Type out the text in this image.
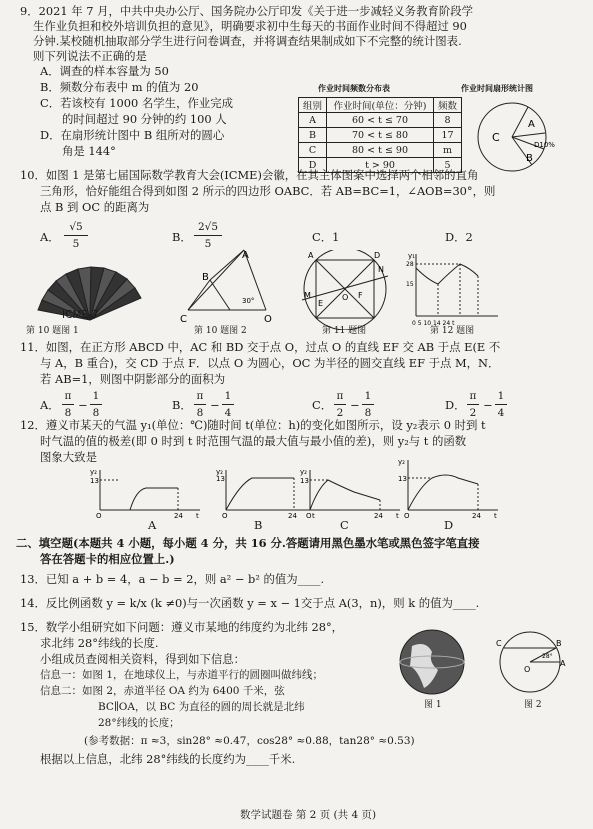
9．2021 年 7 月，中共中央办公厅、国务院办公厅印发《关于进一步减轻义务教育阶段学
生作业负担和校外培训负担的意见》，明确要求初中生每天的书面作业时间不得超过 90
分钟.某校随机抽取部分学生进行问卷调查，并将调查结果制成如下不完整的统计图表.
则下列说法不正确的是
A．调查的样本容量为 50
B．频数分布表中 m 的值为 20
C．若该校有 1000 名学生，作业完成
的时间超过 90 分钟的约 100 人
D．在扇形统计图中 B 组所对的圆心
角是 144°
作业时间频数分布表	作业时间扇形统计图
组别	作业时间(单位：分钟)	频数
A	60 < t ≤ 70	8
B	70 < t ≤ 80	17
C	80 < t ≤ 90	m
D	t > 90	5
C
A
B
D10%
10．如图 1 是第七届国际数学教育大会(ICME)会徽，在其主体图案中选择两个相邻的直角
三角形，恰好能组合得到如图 2 所示的四边形 OABC．若 AB=BC=1，∠AOB=30°，则
点 B 到 OC 的距离为
A．
√5
5	B．
2√5
5	C．1	D．2
ICME-7	C
B
A
O
30°
A	D
N
M	O F
E
y₁
28
15
0 5 10 14 24 t
第 10 题图 1	第 10 题图 2	第 11 题图	第 12 题图
11．如图，在正方形 ABCD 中，AC 和 BD 交于点 O，过点 O 的直线 EF 交 AB 于点 E(E 不
与 A，B 重合)，交 CD 于点 F．以点 O 为圆心，OC 为半径的圆交直线 EF 于点 M，N．
若 AB=1，则图中阴影部分的面积为
A．
π
8
−
1
8
B．
π
8
−
1
4
C．
π
2
−
1
8
D．
π
2
−
1
4
12．遵义市某天的气温 y₁(单位：℃)随时间 t(单位：h)的变化如图所示，设 y₂表示 0 时到 t
时气温的值的极差(即 0 时到 t 时范围气温的最大值与最小值的差)，则 y₂与 t 的函数
图象大致是
y₂
13
O	24 t
y₂
13
O	24 t
y₂
13
O	24 t
y₂
13
O	24 t
A	B	C	D
二、填空题(本题共 4 小题，每小题 4 分，共 16 分.答题请用黑色墨水笔或黑色签字笔直接
答在答题卡的相应位置上.)
13．已知 a + b = 4，a − b = 2，则 a² − b² 的值为____.
14．反比例函数 y = k/x (k ≠0)与一次函数 y = x − 1交于点 A(3，n)，则 k 的值为____.
15．数学小组研究如下问题：遵义市某地的纬度约为北纬 28°，
求北纬 28°纬线的长度.
小组成员查阅相关资料，得到如下信息：
信息一：如图 1，在地球仪上，与赤道平行的圆圈叫做纬线；
信息二：如图 2，赤道半径 OA 约为 6400 千米，弦
BC∥OA，以 BC 为直径的圆的周长就是北纬
28°纬线的长度；
(参考数据：π ≈3，sin28° ≈0.47，cos28° ≈0.88，tan28° ≈0.53)
根据以上信息，北纬 28°纬线的长度约为____千米.
图 1
O
A
B
C
28°
图 2
数学试题卷 第 2 页 (共 4 页)
